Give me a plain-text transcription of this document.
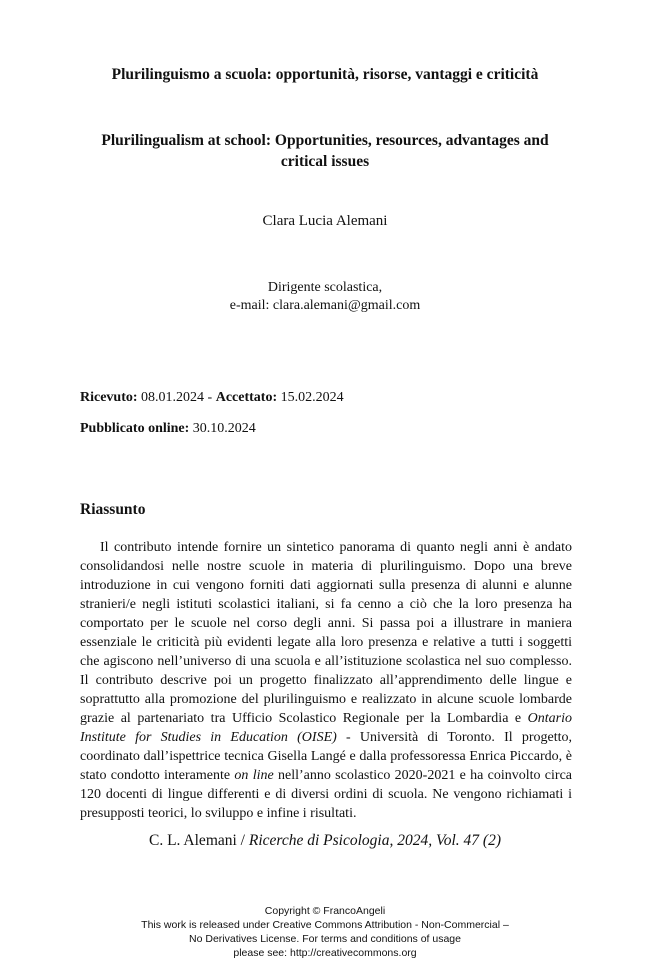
Plurilinguismo a scuola: opportunità, risorse, vantaggi e criticità
Plurilingualism at school: Opportunities, resources, advantages and critical issues
Clara Lucia Alemani
Dirigente scolastica,
e-mail: clara.alemani@gmail.com
Ricevuto: 08.01.2024 - Accettato: 15.02.2024
Pubblicato online: 30.10.2024
Riassunto

Il contributo intende fornire un sintetico panorama di quanto negli anni è andato consolidandosi nelle nostre scuole in materia di plurilinguismo. Dopo una breve introduzione in cui vengono forniti dati aggiornati sulla presenza di alunni e alunne stranieri/e negli istituti scolastici italiani, si fa cenno a ciò che la loro presenza ha comportato per le scuole nel corso degli anni. Si passa poi a illustrare in maniera essenziale le criticità più evidenti legate alla loro presenza e relative a tutti i soggetti che agiscono nell’universo di una scuola e all’istituzione scolastica nel suo complesso. Il contributo descrive poi un progetto finalizzato all’apprendimento delle lingue e soprattutto alla promozione del plurilinguismo e realizzato in alcune scuole lombarde grazie al partenariato tra Ufficio Scolastico Regionale per la Lombardia e Ontario Institute for Studies in Education (OISE) - Università di Toronto. Il progetto, coordinato dall’ispettrice tecnica Gisella Langé e dalla professoressa Enrica Piccardo, è stato condotto interamente on line nell’anno scolastico 2020-2021 e ha coinvolto circa 120 docenti di lingue differenti e di diversi ordini di scuola. Ne vengono richiamati i presupposti teorici, lo sviluppo e infine i risultati.

C. L. Alemani / Ricerche di Psicologia, 2024, Vol. 47 (2)
Copyright © FrancoAngeli
This work is released under Creative Commons Attribution - Non-Commercial –
No Derivatives License. For terms and conditions of usage
please see: http://creativecommons.org
